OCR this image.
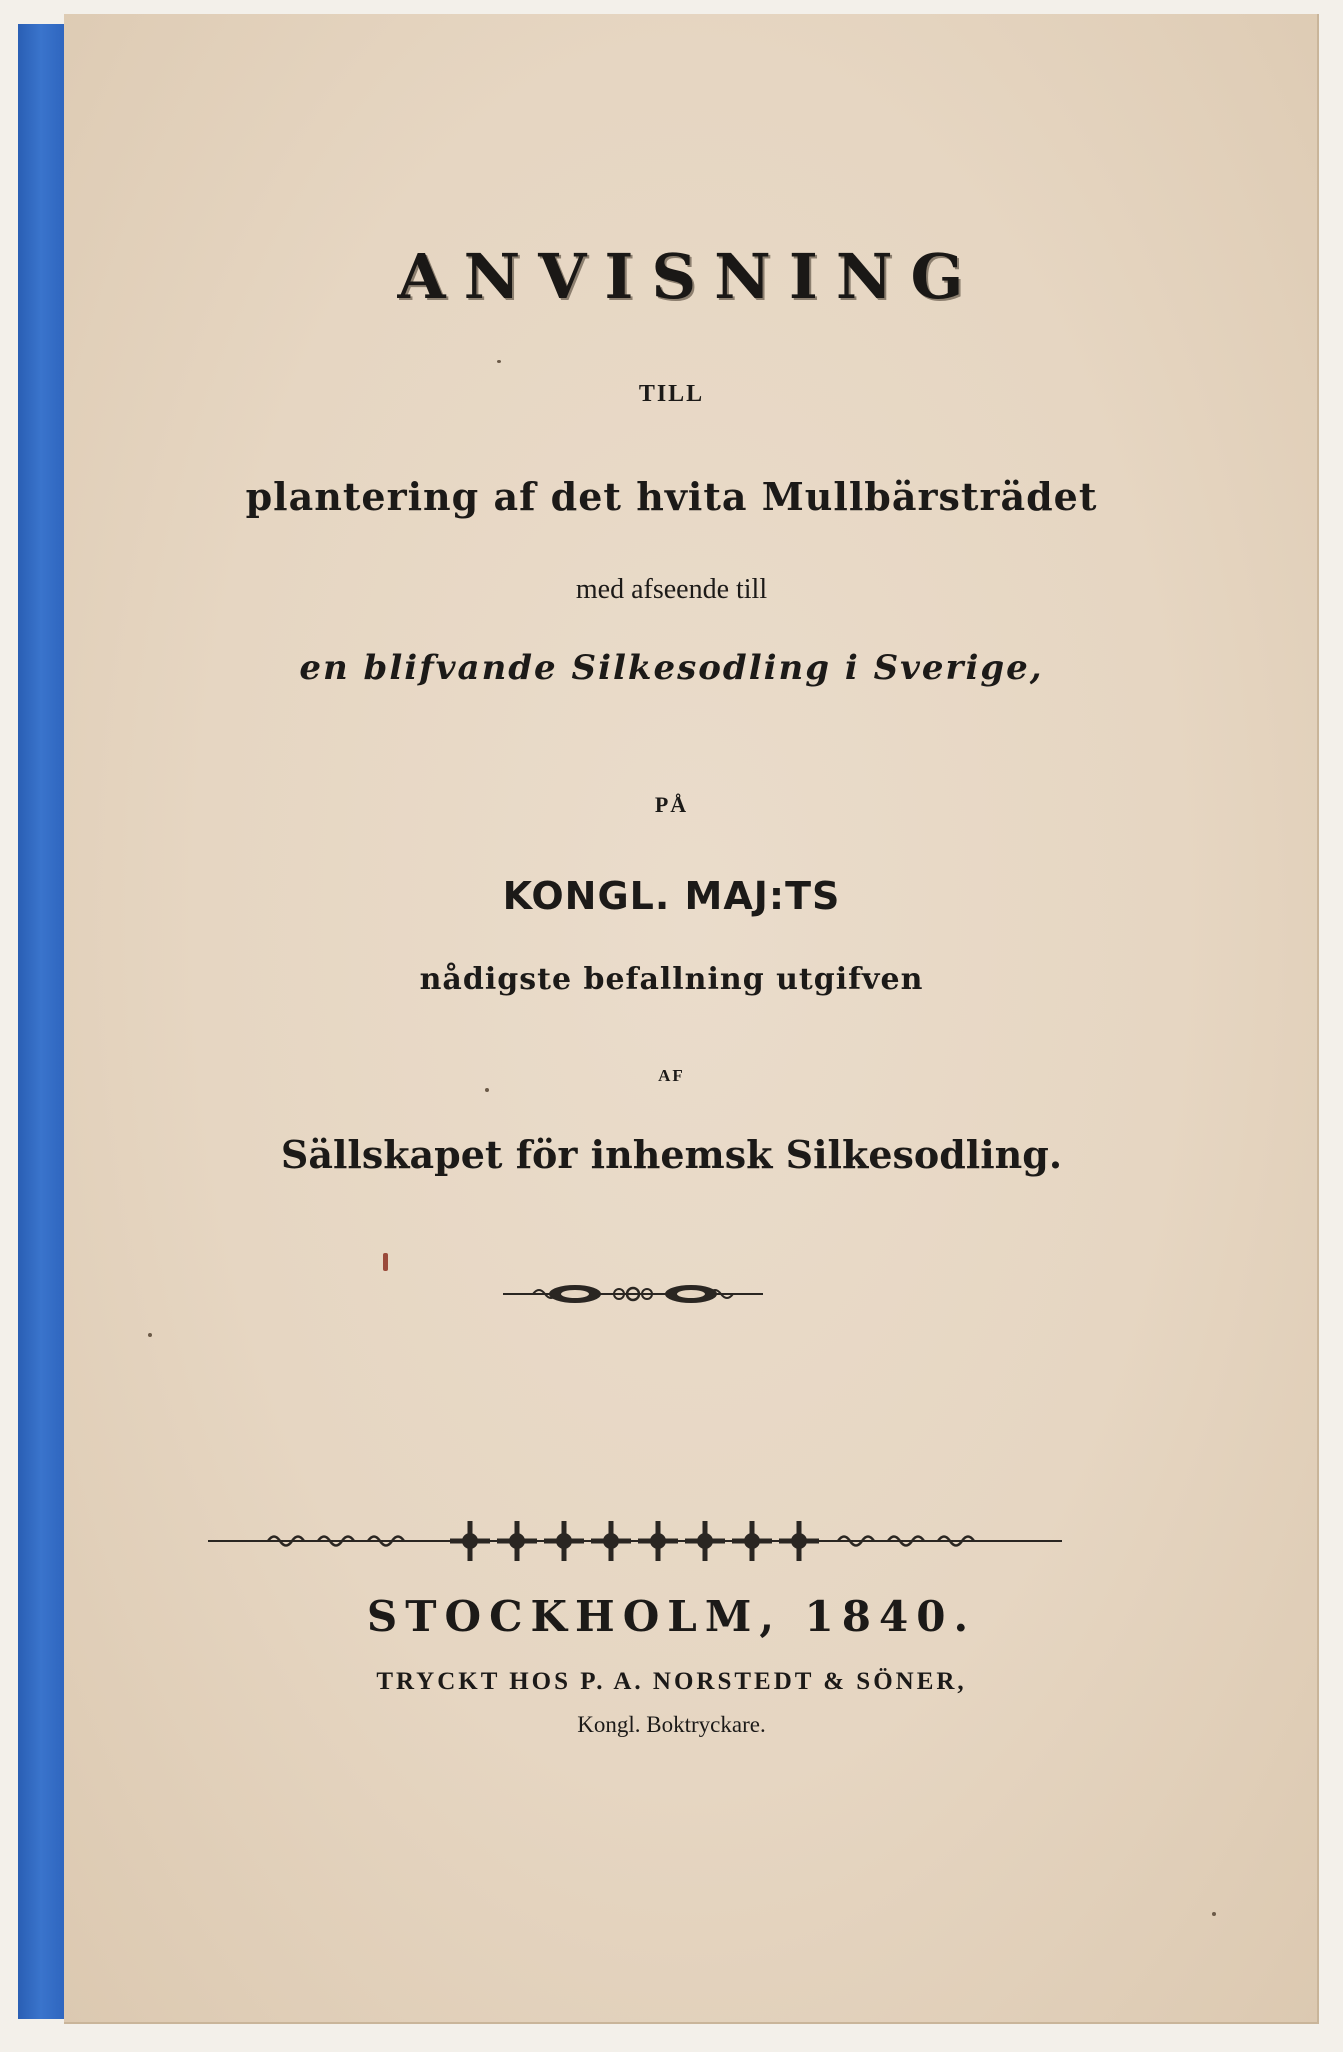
ANVISNING
TILL
plantering af det hvita Mullbärsträdet
med afseende till
en blifvande Silkesodling i Sverige,
PÅ
KONGL. MAJ:TS
nådigste befallning utgifven
AF
Sällskapet för inhemsk Silkesodling.
STOCKHOLM, 1840.
TRYCKT HOS P. A. NORSTEDT & SÖNER,
Kongl. Boktryckare.
